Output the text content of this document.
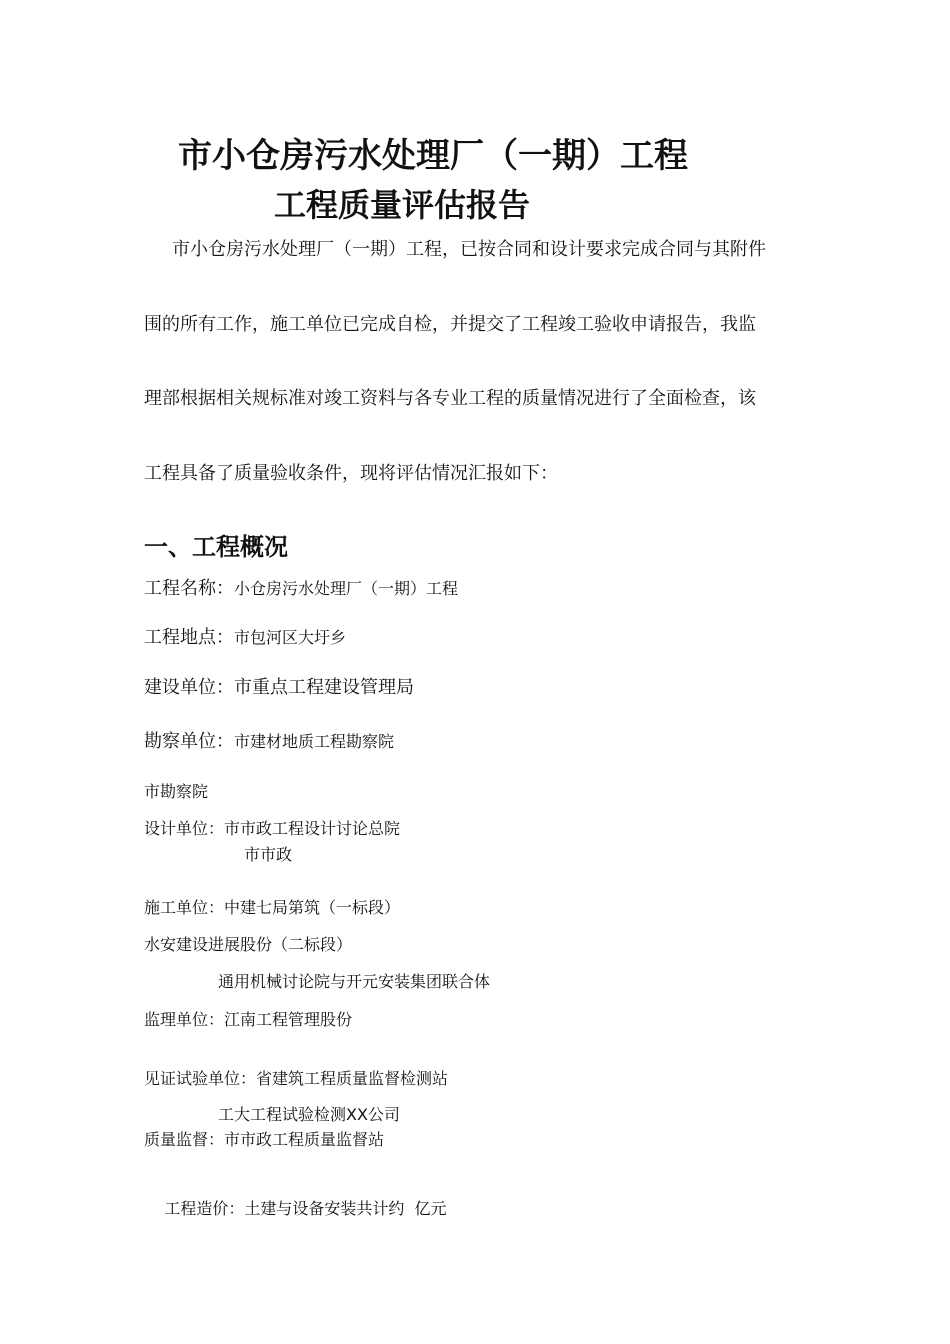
市小仓房污水处理厂（一期）工程
工程质量评估报告
市小仓房污水处理厂（一期）工程，已按合同和设计要求完成合同与其附件
围的所有工作，施工单位已完成自检，并提交了工程竣工验收申请报告，我监
理部根据相关规标准对竣工资料与各专业工程的质量情况进行了全面检查，该
工程具备了质量验收条件，现将评估情况汇报如下：
一、工程概况
工程名称：小仓房污水处理厂（一期）工程
工程地点：市包河区大圩乡
建设单位：市重点工程建设管理局
勘察单位：市建材地质工程勘察院
市勘察院
设计单位：市市政工程设计讨论总院
市市政
施工单位：中建七局第筑（一标段）
水安建设进展股份（二标段）
通用机械讨论院与开元安装集团联合体
监理单位：江南工程管理股份
见证试验单位：省建筑工程质量监督检测站
工大工程试验检测XX公司
质量监督：市市政工程质量监督站

工程造价：土建与设备安装共计约  亿元
